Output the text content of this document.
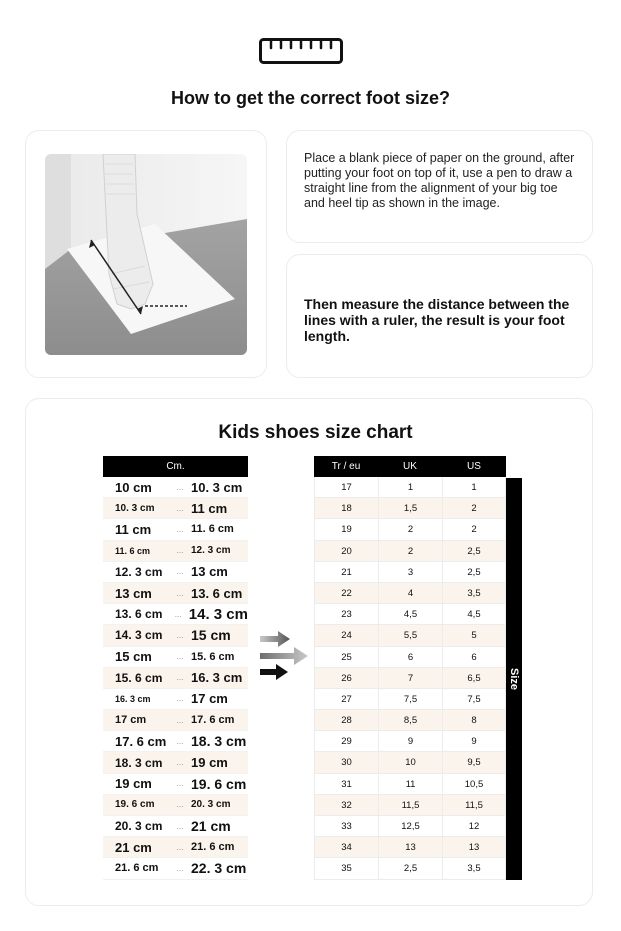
How to get the correct foot size?
Place a blank piece of paper on the ground, after putting your foot on top of it, use a pen to draw a straight line from the alignment of your big toe and heel tip as shown in the image.
Then measure the distance between the lines with a ruler, the result is your foot length.
Kids shoes size chart
Cm.
10 cm	... 10. 3 cm
10. 3 cm	... 11 cm
11 cm	... 11. 6 cm
11. 6 cm	... 12. 3 cm
12. 3 cm	... 13 cm
13 cm	... 13. 6 cm
13. 6 cm	... 14. 3 cm
14. 3 cm	... 15 cm
15 cm	... 15. 6 cm
15. 6 cm	... 16. 3 cm
16. 3 cm	... 17 cm
17 cm	... 17. 6 cm
17. 6 cm	... 18. 3 cm
18. 3 cm	... 19 cm
19 cm	... 19. 6 cm
19. 6 cm	... 20. 3 cm
20. 3 cm	... 21 cm
21 cm	... 21. 6 cm
21. 6 cm	... 22. 3 cm
Tr / eu	UK	US
17	1	1
18	1,5	2
19	2	2
20	2	2,5
21	3	2,5
22	4	3,5
23	4,5	4,5
24	5,5	5
25	6	6
26	7	6,5
27	7,5	7,5
28	8,5	8
29	9	9
30	10	9,5
31	11	10,5
32	11,5	11,5
33	12,5	12
34	13	13
35	2,5	3,5
Size
